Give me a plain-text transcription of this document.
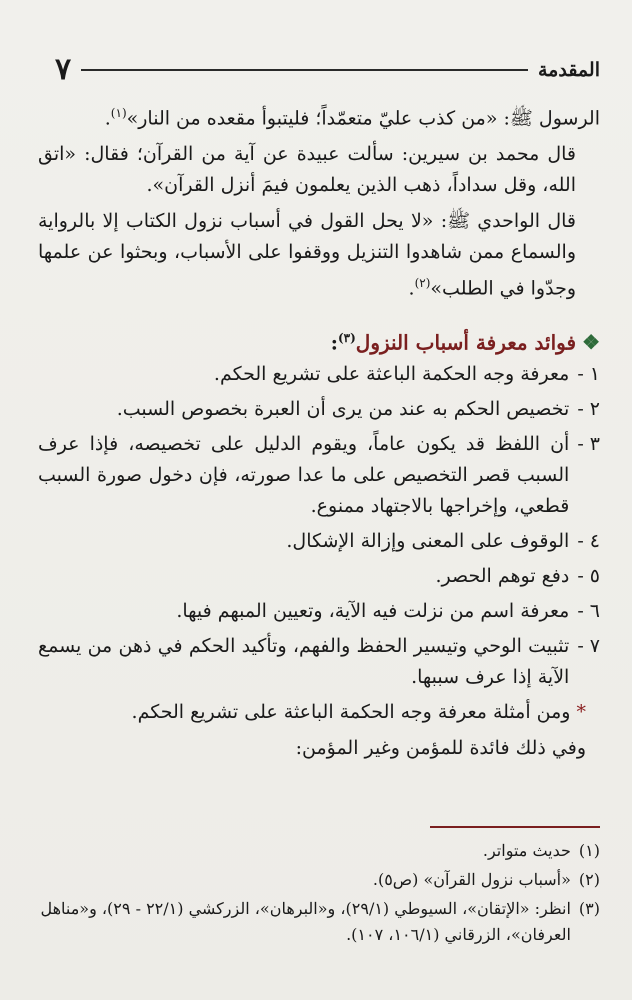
٧	المقدمة

الرسول ﷺ: «من كذب عليّ متعمّداً؛ فليتبوأ مقعده من النار»$^{(١)}$.

قال محمد بن سيرين: سألت عبيدة عن آية من القرآن؛ فقال: «اتق الله، وقل سداداً، ذهب الذين يعلمون فيمَ أنزل القرآن».

قال الواحدي ﷺ: «لا يحل القول في أسباب نزول الكتاب إلا بالرواية والسماع ممن شاهدوا التنزيل ووقفوا على الأسباب، وبحثوا عن علمها وجدّوا في الطلب»$^{(٢)}$.

❖فوائد معرفة أسباب النزول$^{(٣)}$:
١ -
معرفة وجه الحكمة الباعثة على تشريع الحكم.
٢ -
تخصيص الحكم به عند من يرى أن العبرة بخصوص السبب.
٣ -
أن اللفظ قد يكون عاماً، ويقوم الدليل على تخصيصه، فإذا عرف السبب قصر التخصيص على ما عدا صورته، فإن دخول صورة السبب قطعي، وإخراجها بالاجتهاد ممنوع.
٤ -
الوقوف على المعنى وإزالة الإشكال.
٥ -
دفع توهم الحصر.
٦ -
معرفة اسم من نزلت فيه الآية، وتعيين المبهم فيها.
٧ -
تثبيت الوحي وتيسير الحفظ والفهم، وتأكيد الحكم في ذهن من يسمع الآية إذا عرف سببها.

*ومن أمثلة معرفة وجه الحكمة الباعثة على تشريع الحكم.

وفي ذلك فائدة للمؤمن وغير المؤمن:

(١)
حديث متواتر.
(٢)
«أسباب نزول القرآن» (ص٥).
(٣)
انظر: «الإتقان»، السيوطي (٢٩/١)، و«البرهان»، الزركشي (٢٢/١ - ٢٩)، و«مناهل العرفان»، الزرقاني (١٠٦/١، ١٠٧).
